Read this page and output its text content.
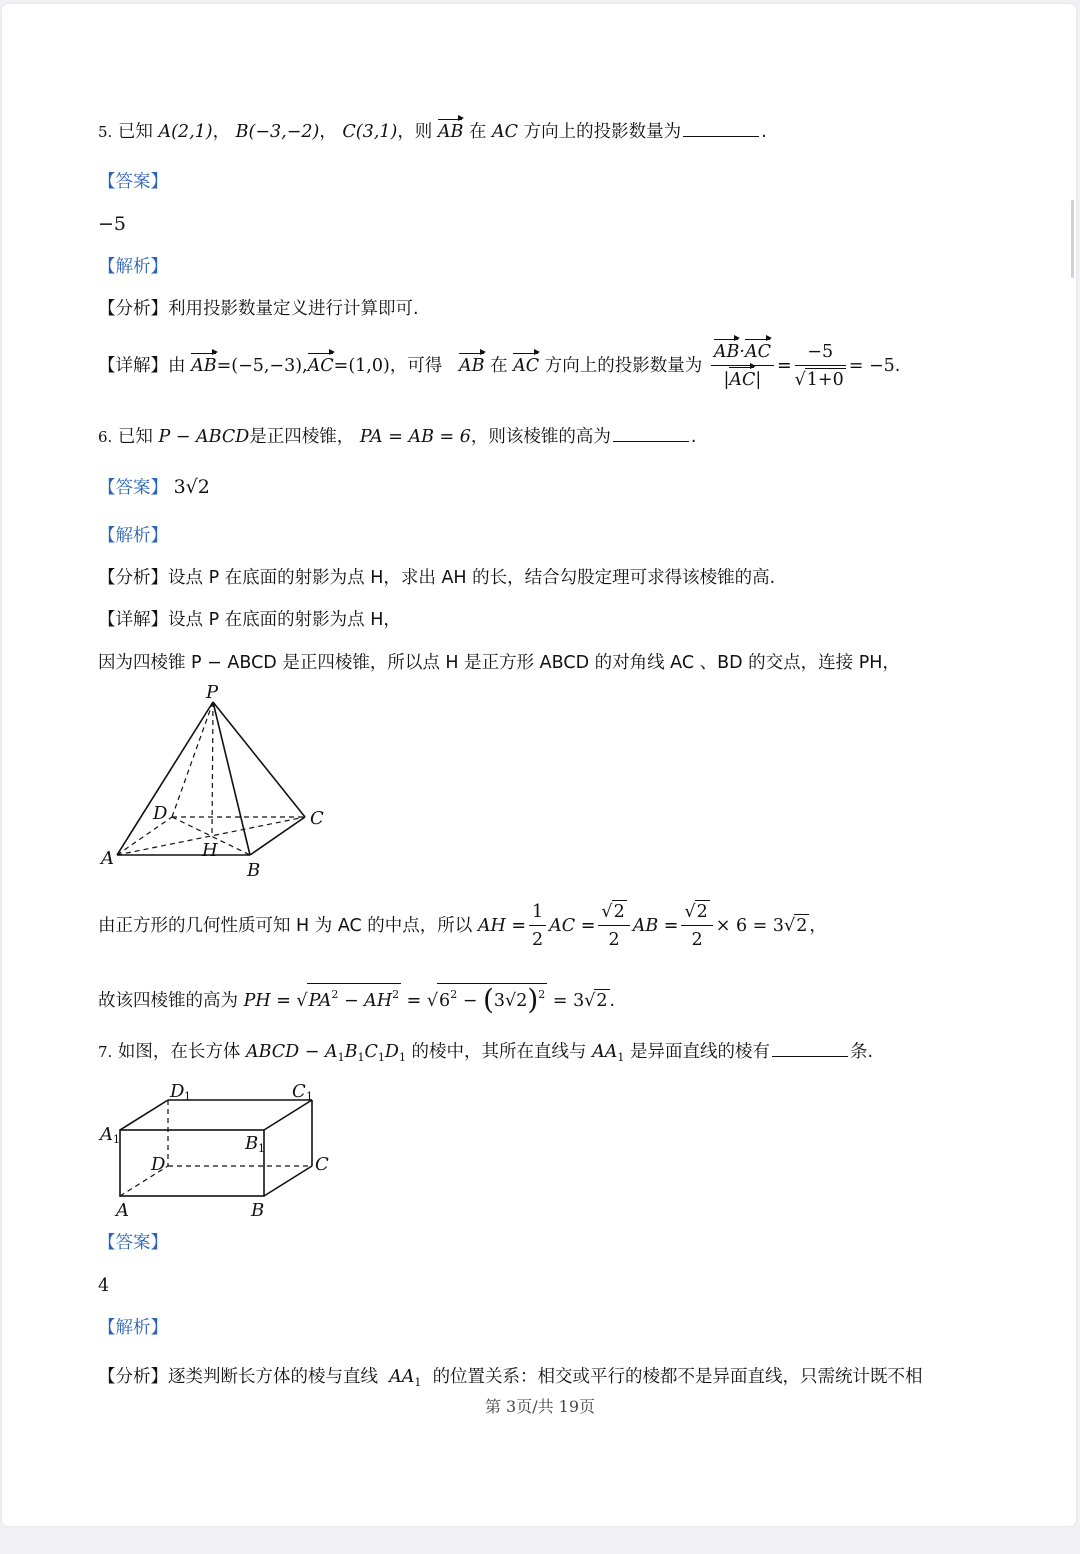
5. 已知 A(2,1)， B(−3,−2)， C(3,1)，则 AB 在 AC 方向上的投影数量为	.
【答案】
−5
【解析】
【分析】利用投影数量定义进行计算即可.
【详解】由 AB=(−5,−3),AC=(1,0)，可得 AB 在 AC 方向上的投影数量为 $\frac{AB\cdot AC}{|AC|} = \frac{-5}{√1+0} = -5$.
6. 已知 P − ABCD是正四棱锥， PA = AB = 6，则该棱锥的高为	.
【答案】 3√2
【解析】
【分析】设点 P 在底面的射影为点 H，求出 AH 的长，结合勾股定理可求得该棱锥的高.
【详解】设点 P 在底面的射影为点 H，
因为四棱锥 P − ABCD 是正四棱锥，所以点 H 是正方形 ABCD 的对角线 AC 、BD 的交点，连接 PH，
P
D	C
A	H
B
由正方形的几何性质可知 H 为 AC 的中点，所以 AH = $\frac{1}{2}$ AC = $\frac{√2}{2}$ AB = $\frac{√2}{2} \times 6 = 3√2$ ，
故该四棱锥的高为 PH = $√PA^2 - AH^2 = √6^2 - (3√2)^2 = 3√2$ .
7. 如图，在长方体 ABCD − $A_1B_1C_1D_1$ 的棱中，其所在直线与 $AA_1$ 是异面直线的棱有	条.
D 1	C 1
A 1	B 1
D	C
A	B
【答案】
4
【解析】
【分析】逐类判断长方体的棱与直线 $AA_1$ 的位置关系：相交或平行的棱都不是异面直线，只需统计既不相
第 3页/共 19页
